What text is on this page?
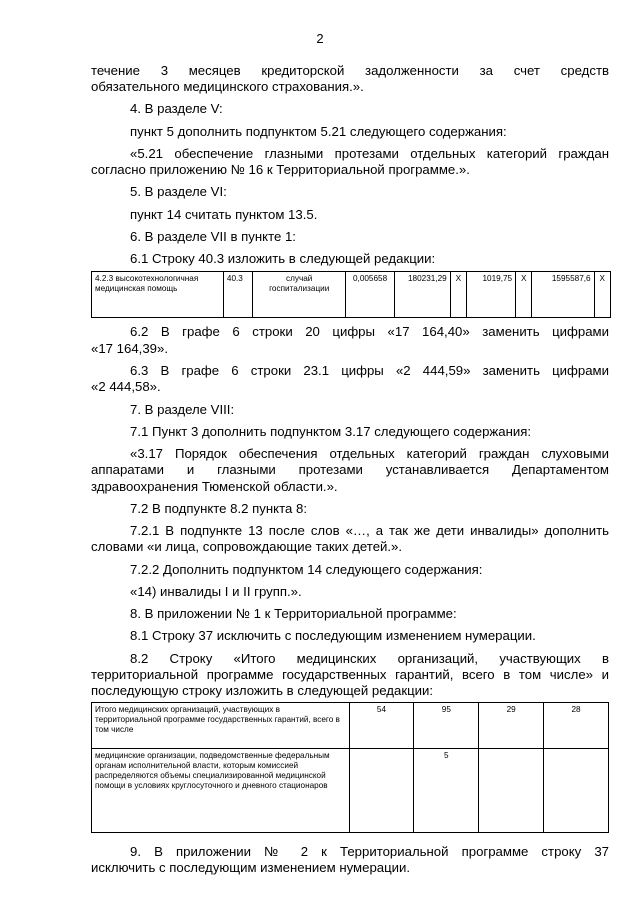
2

течение 3 месяцев кредиторской задолженности за счет средств

обязательного медицинского страхования.».

4. В разделе V:

пункт 5 дополнить подпунктом 5.21 следующего содержания:

«5.21 обеспечение глазными протезами отдельных категорий граждан

согласно приложению № 16 к Территориальной программе.».

5. В разделе VI:

пункт 14 считать пунктом 13.5.

6. В разделе VII в пункте 1:

6.1 Строку 40.3 изложить в следующей редакции:

4.2.3 высокотехнологичная медицинская помощь	40.3	случай госпитализации	0,005658	180231,29	Х	1019,75	Х	1595587,6	Х

6.2 В графе 6 строки 20 цифры «17 164,40» заменить цифрами

«17 164,39».

6.3 В графе 6 строки 23.1 цифры «2 444,59» заменить цифрами

«2 444,58».

7. В разделе VIII:

7.1 Пункт 3 дополнить подпунктом 3.17 следующего содержания:

«3.17 Порядок обеспечения отдельных категорий граждан слуховыми

аппаратами и глазными протезами устанавливается Департаментом

здравоохранения Тюменской области.».

7.2 В подпункте 8.2 пункта 8:

7.2.1 В подпункте 13 после слов «…, а так же дети инвалиды» дополнить

словами «и лица, сопровождающие таких детей.».

7.2.2 Дополнить подпунктом 14 следующего содержания:

«14) инвалиды I и II групп.».

8. В приложении № 1 к Территориальной программе:

8.1 Строку 37 исключить с последующим изменением нумерации.

8.2 Строку «Итого медицинских организаций, участвующих в

территориальной программе государственных гарантий, всего в том числе» и

последующую строку изложить в следующей редакции:

Итого медицинских организаций, участвующих в территориальной программе государственных гарантий, всего в том числе	54	95	29	28
медицинские организации, подведомственные федеральным органам исполнительной власти, которым комиссией распределяются объемы специализированной медицинской помощи в условиях круглосуточного и дневного стационаров		5		

9. В приложении № 2 к Территориальной программе строку 37

исключить с последующим изменением нумерации.
